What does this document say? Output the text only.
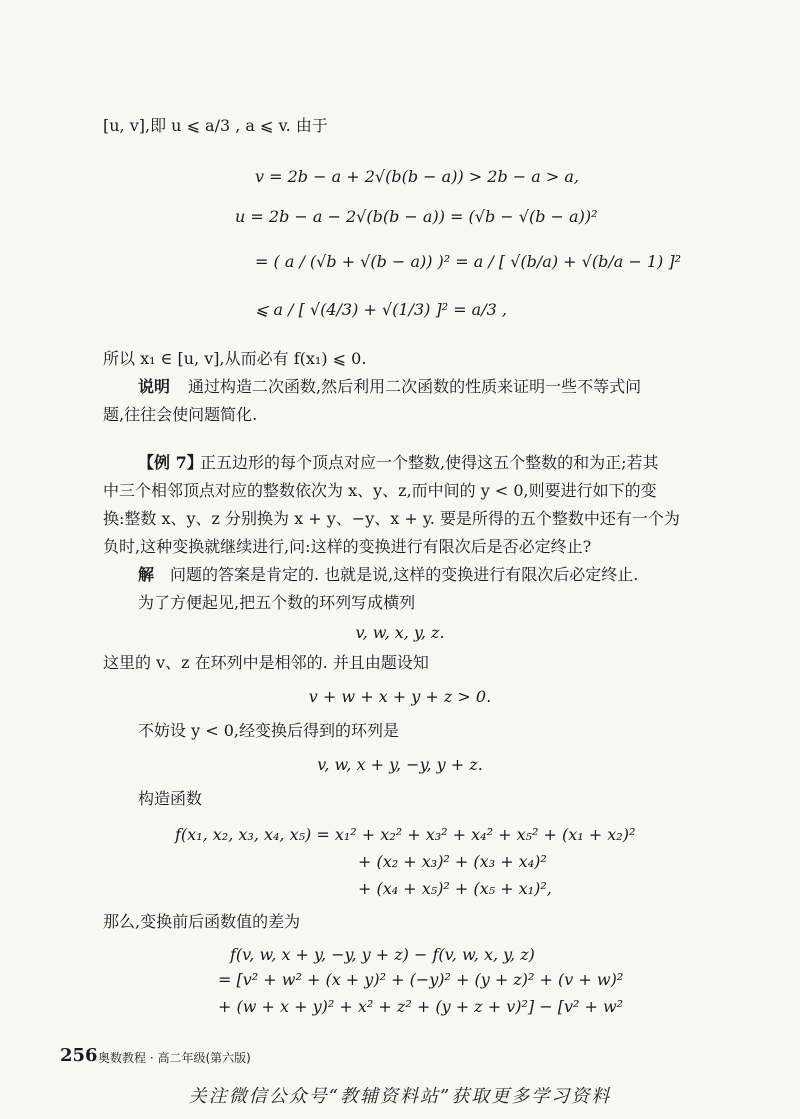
[u, v],即 u ⩽ a/3 , a ⩽ v. 由于
v = 2b − a + 2√(b(b − a)) > 2b − a > a,
u = 2b − a − 2√(b(b − a)) = (√b − √(b − a))²
= ( a / (√b + √(b − a)) )² = a / [ √(b/a) + √(b/a − 1) ]²
⩽ a / [ √(4/3) + √(1/3) ]² = a/3 ,
所以 x₁ ∈ [u, v],从而必有 f(x₁) ⩽ 0.
说明 通过构造二次函数,然后利用二次函数的性质来证明一些不等式问
题,往往会使问题简化.
【例 7】
正五边形的每个顶点对应一个整数,使得这五个整数的和为正;若其
中三个相邻顶点对应的整数依次为 x、y、z,而中间的 y < 0,则要进行如下的变
换:整数 x、y、z 分别换为 x + y、−y、x + y. 要是所得的五个整数中还有一个为
负时,这种变换就继续进行,问:这样的变换进行有限次后是否必定终止?
解 问题的答案是肯定的. 也就是说,这样的变换进行有限次后必定终止.
为了方便起见,把五个数的环列写成横列
v, w, x, y, z.
这里的 v、z 在环列中是相邻的. 并且由题设知
v + w + x + y + z > 0.
不妨设 y < 0,经变换后得到的环列是
v, w, x + y, −y, y + z.
构造函数
f(x₁, x₂, x₃, x₄, x₅) = x₁² + x₂² + x₃² + x₄² + x₅² + (x₁ + x₂)²
+ (x₂ + x₃)² + (x₃ + x₄)²
+ (x₄ + x₅)² + (x₅ + x₁)²,
那么,变换前后函数值的差为
f(v, w, x + y, −y, y + z) − f(v, w, x, y, z)
= [v² + w² + (x + y)² + (−y)² + (y + z)² + (v + w)²
+ (w + x + y)² + x² + z² + (y + z + v)²] − [v² + w²
256 奥数教程 · 高二年级(第六版)
关注微信公众号“教辅资料站”获取更多学习资料
